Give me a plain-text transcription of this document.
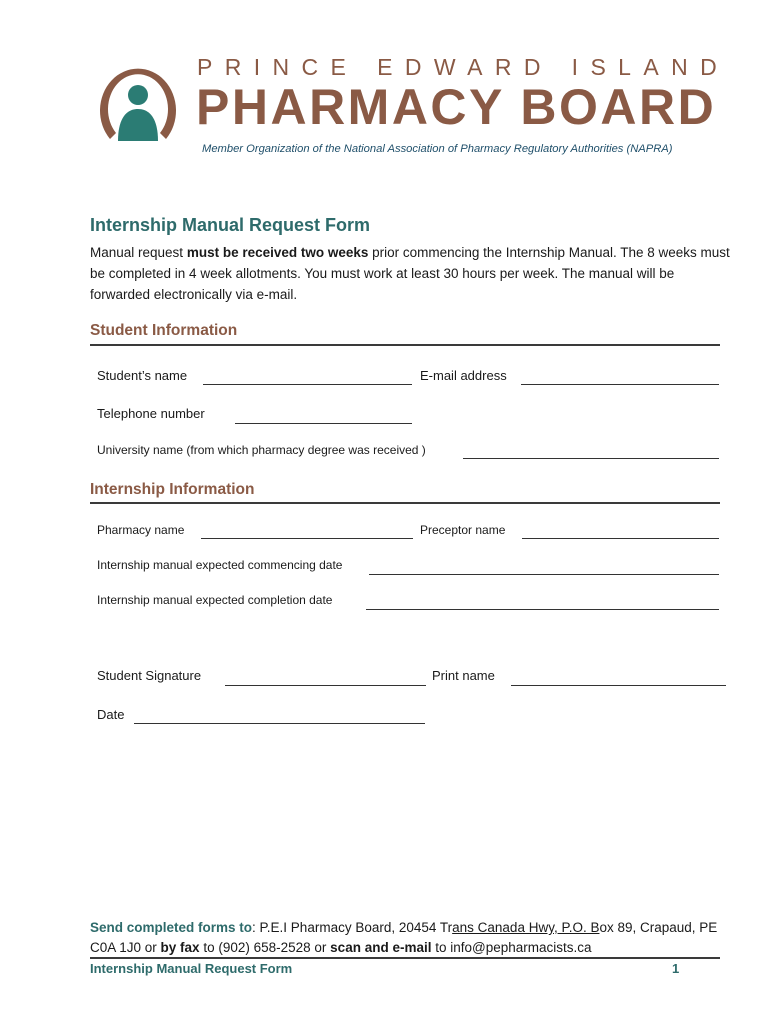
PRINCE EDWARD ISLAND
PHARMACY BOARD
Member Organization of the National Association of Pharmacy Regulatory Authorities (NAPRA)
Internship Manual Request Form
Manual request must be received two weeks prior commencing the Internship Manual. The 8 weeks must be completed in 4 week allotments. You must work at least 30 hours per week. The manual will be forwarded electronically via e-mail.
Student Information
Student’s name	E-mail address
Telephone number
University name (from which pharmacy degree was received )
Internship Information
Pharmacy name	Preceptor name
Internship manual expected commencing date
Internship manual expected completion date
Student Signature	Print name
Date
Send completed forms to: P.E.I Pharmacy Board, 20454 Trans Canada Hwy, P.O. Box 89, Crapaud, PE C0A 1J0 or by fax to (902) 658-2528 or scan and e-mail to info@pepharmacists.ca
Internship Manual Request Form	1
